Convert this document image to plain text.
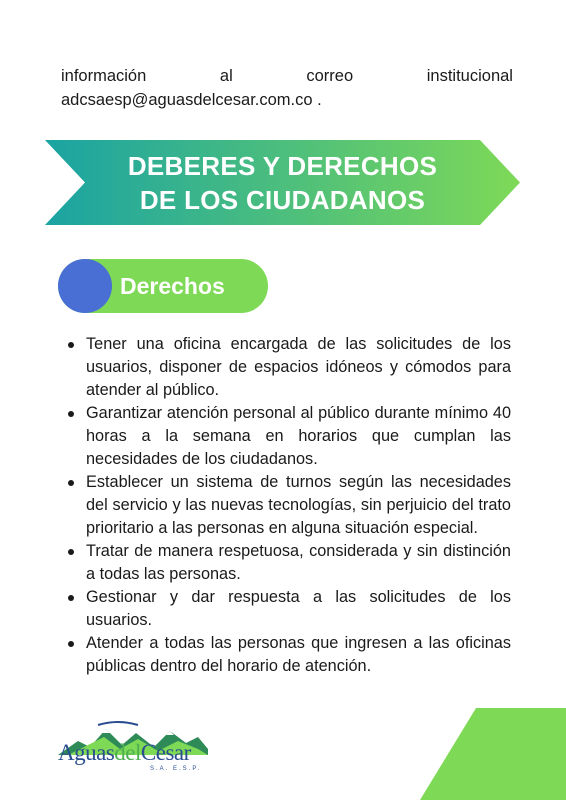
información	al	correo	institucional
adcsaesp@aguasdelcesar.com.co .
DEBERES Y DERECHOS
DE LOS CIUDADANOS
Derechos
Tener una oficina encargada de las solicitudes de los usuarios, disponer de espacios idóneos y cómodos para atender al público.
Garantizar atención personal al público durante mínimo 40 horas a la semana en horarios que cumplan las necesidades de los ciudadanos.
Establecer un sistema de turnos según las necesidades del servicio y las nuevas tecnologías, sin perjuicio del trato prioritario a las personas en alguna situación especial.
Tratar de manera respetuosa, considerada y sin distinción a todas las personas.
Gestionar y dar respuesta a las solicitudes de los usuarios.
Atender a todas las personas que ingresen a las oficinas públicas dentro del horario de atención.
AguasdelCesar
S.A. E.S.P.
